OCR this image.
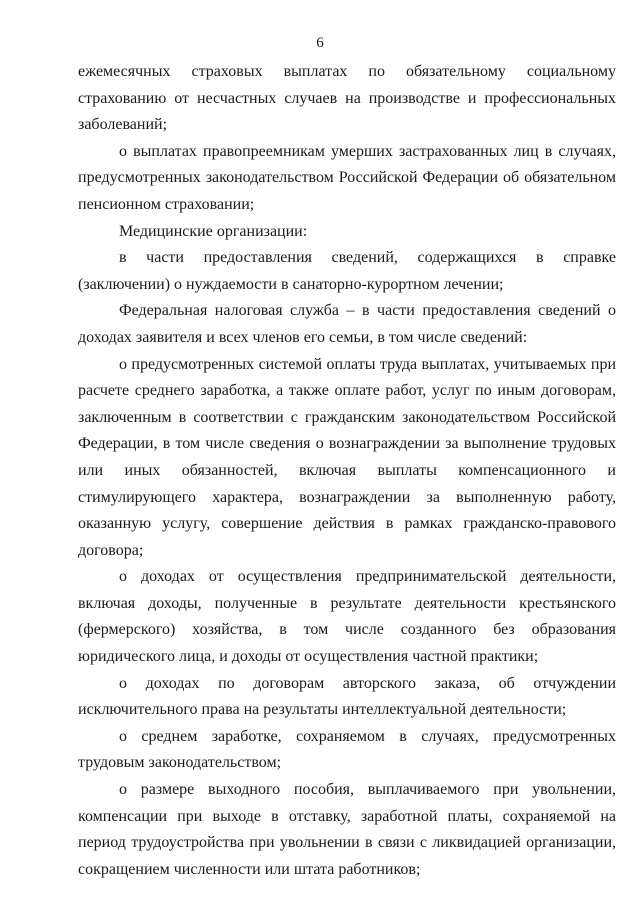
6

ежемесячных страховых выплатах по обязательному социальному страхованию от несчастных случаев на производстве и профессиональных заболеваний;

о выплатах правопреемникам умерших застрахованных лиц в случаях, предусмотренных законодательством Российской Федерации об обязательном пенсионном страховании;

Медицинские организации:

в части предоставления сведений, содержащихся в справке (заключении) о нуждаемости в санаторно-курортном лечении;

Федеральная налоговая служба – в части предоставления сведений о доходах заявителя и всех членов его семьи, в том числе сведений:

о предусмотренных системой оплаты труда выплатах, учитываемых при расчете среднего заработка, а также оплате работ, услуг по иным договорам, заключенным в соответствии с гражданским законодательством Российской Федерации, в том числе сведения о вознаграждении за выполнение трудовых или иных обязанностей, включая выплаты компенсационного и стимулирующего характера, вознаграждении за выполненную работу, оказанную услугу, совершение действия в рамках гражданско-правового договора;

о доходах от осуществления предпринимательской деятельности, включая доходы, полученные в результате деятельности крестьянского (фермерского) хозяйства, в том числе созданного без образования юридического лица, и доходы от осуществления частной практики;

о доходах по договорам авторского заказа, об отчуждении исключительного права на результаты интеллектуальной деятельности;

о среднем заработке, сохраняемом в случаях, предусмотренных трудовым законодательством;

о размере выходного пособия, выплачиваемого при увольнении, компенсации при выходе в отставку, заработной платы, сохраняемой на период трудоустройства при увольнении в связи с ликвидацией организации, сокращением численности или штата работников;
